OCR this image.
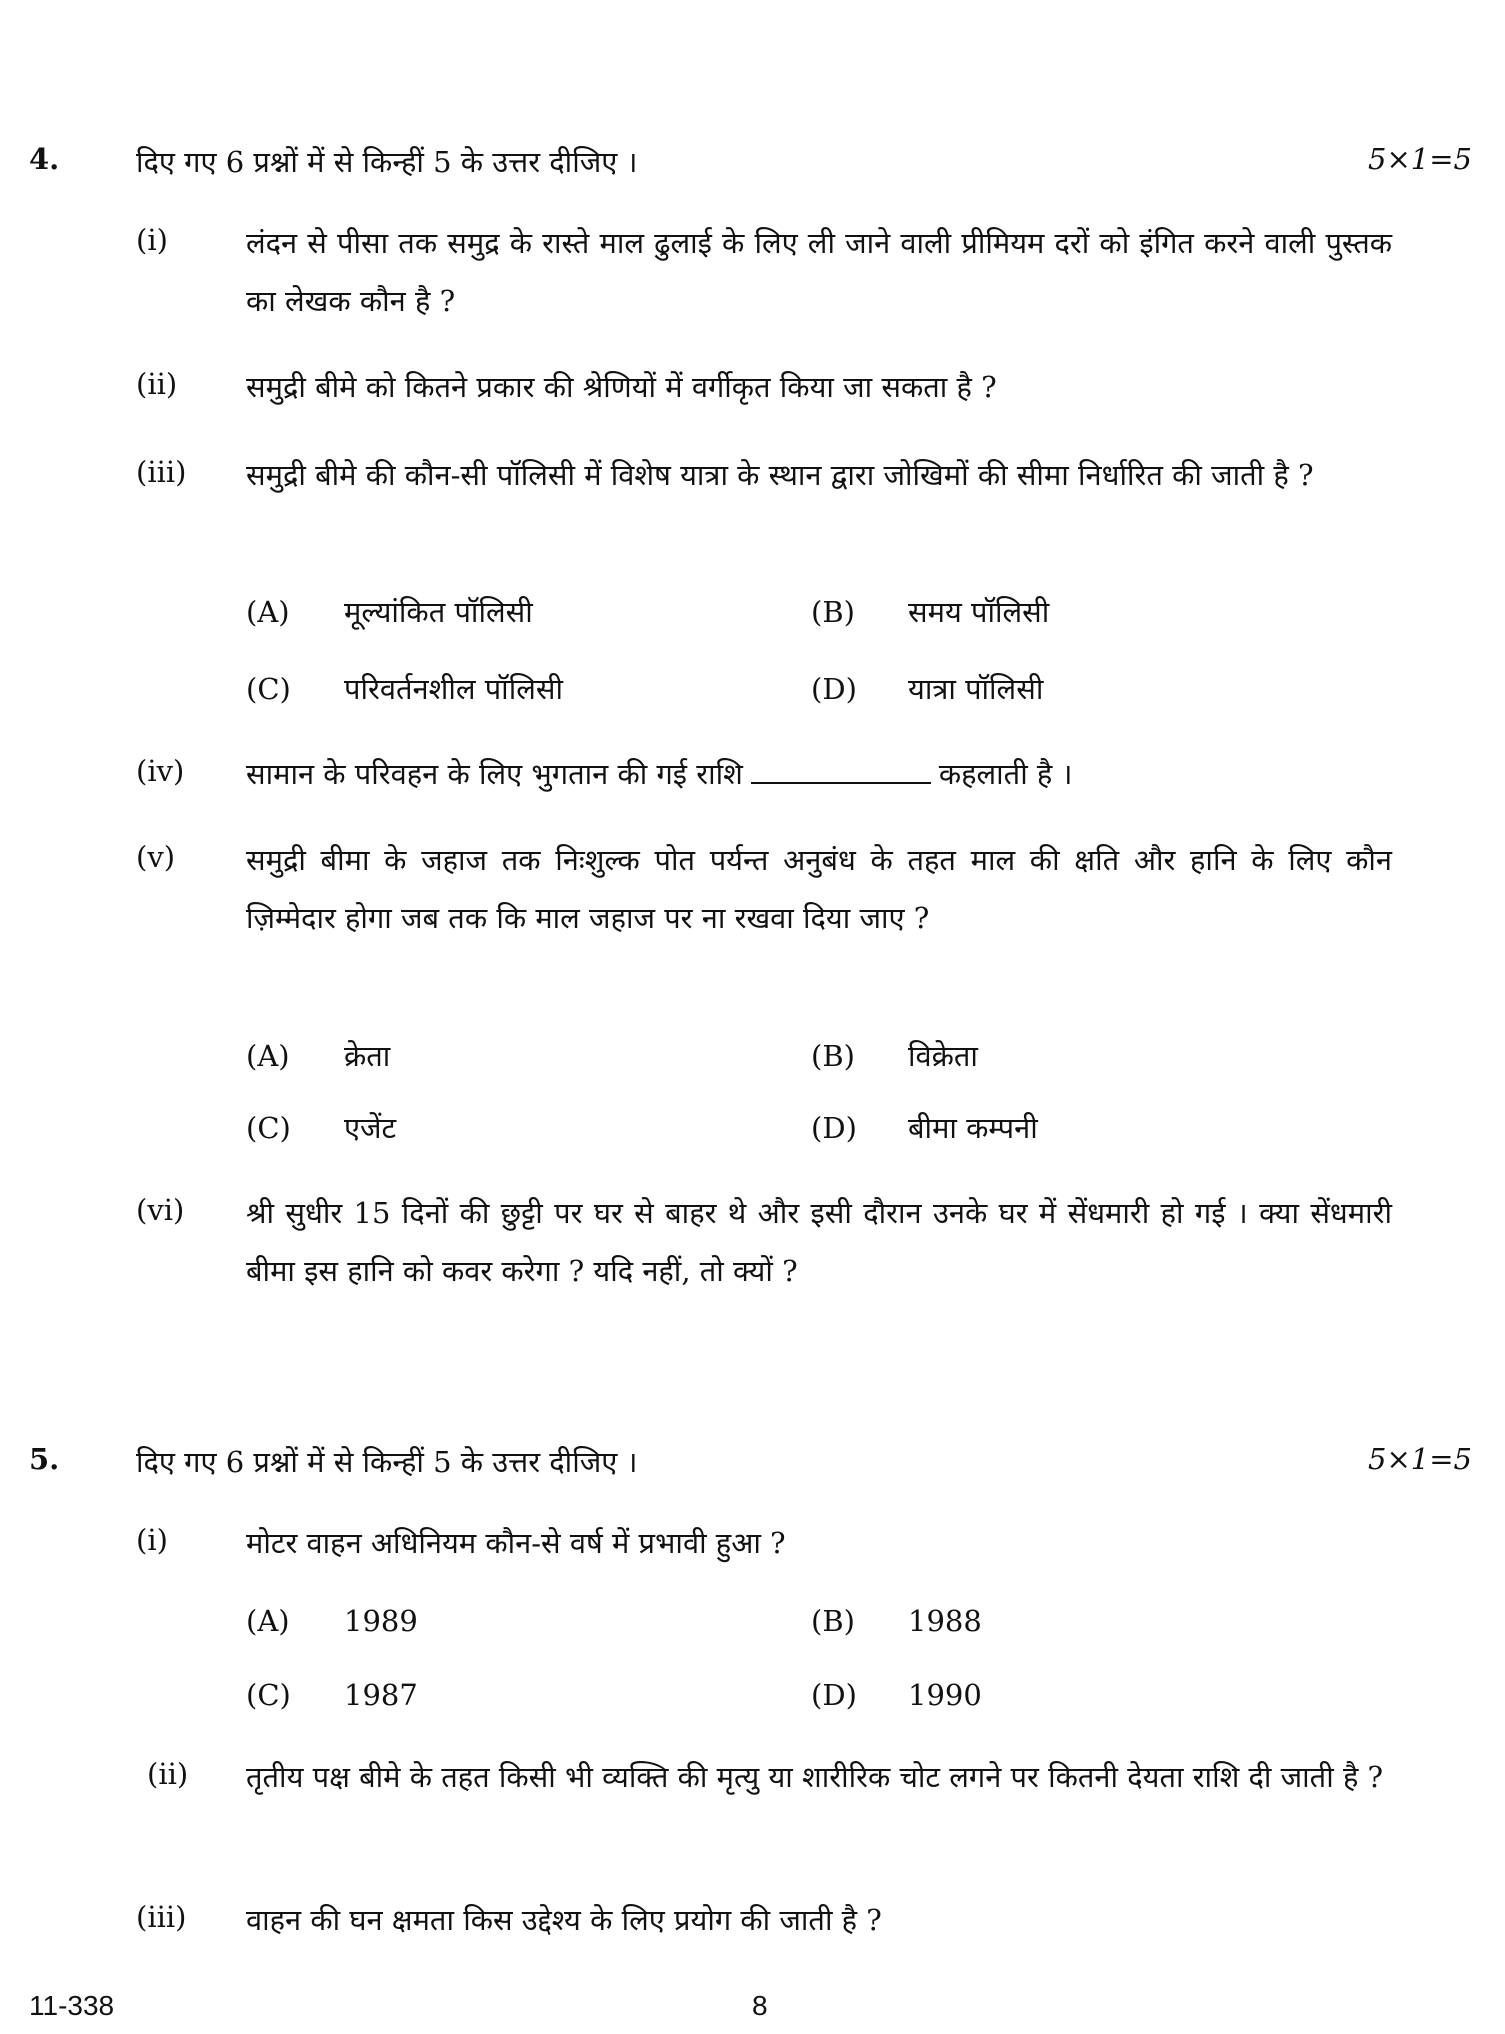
4.	दिए गए 6 प्रश्नों में से किन्हीं 5 के उत्तर दीजिए ।	5×1=5
(i)	लंदन से पीसा तक समुद्र के रास्ते माल ढुलाई के लिए ली जाने वाली प्रीमियम दरों को इंगित करने वाली पुस्तक का लेखक कौन है ?
(ii) समुद्री बीमे को कितने प्रकार की श्रेणियों में वर्गीकृत किया जा सकता है ?
(iii) समुद्री बीमे की कौन-सी पॉलिसी में विशेष यात्रा के स्थान द्वारा जोखिमों की सीमा निर्धारित की जाती है ?
(A) मूल्यांकित पॉलिसी	(B) समय पॉलिसी
(C) परिवर्तनशील पॉलिसी	(D) यात्रा पॉलिसी
(iv) सामान के परिवहन के लिए भुगतान की गई राशि	कहलाती है ।
(v) समुद्री बीमा के जहाज तक निःशुल्क पोत पर्यन्त अनुबंध के तहत माल की क्षति और हानि के लिए कौन ज़िम्मेदार होगा जब तक कि माल जहाज पर ना रखवा दिया जाए ?
(A) क्रेता	(B) विक्रेता
(C) एजेंट	(D) बीमा कम्पनी
(vi) श्री सुधीर 15 दिनों की छुट्टी पर घर से बाहर थे और इसी दौरान उनके घर में सेंधमारी हो गई । क्या सेंधमारी बीमा इस हानि को कवर करेगा ? यदि नहीं, तो क्यों ?
5.	दिए गए 6 प्रश्नों में से किन्हीं 5 के उत्तर दीजिए ।	5×1=5
(i)	मोटर वाहन अधिनियम कौन-से वर्ष में प्रभावी हुआ ?
(A) 1989	(B) 1988
(C) 1987	(D) 1990
(ii) तृतीय पक्ष बीमे के तहत किसी भी व्यक्ति की मृत्यु या शारीरिक चोट लगने पर कितनी देयता राशि दी जाती है ?
(iii) वाहन की घन क्षमता किस उद्देश्य के लिए प्रयोग की जाती है ?
11-338	8
